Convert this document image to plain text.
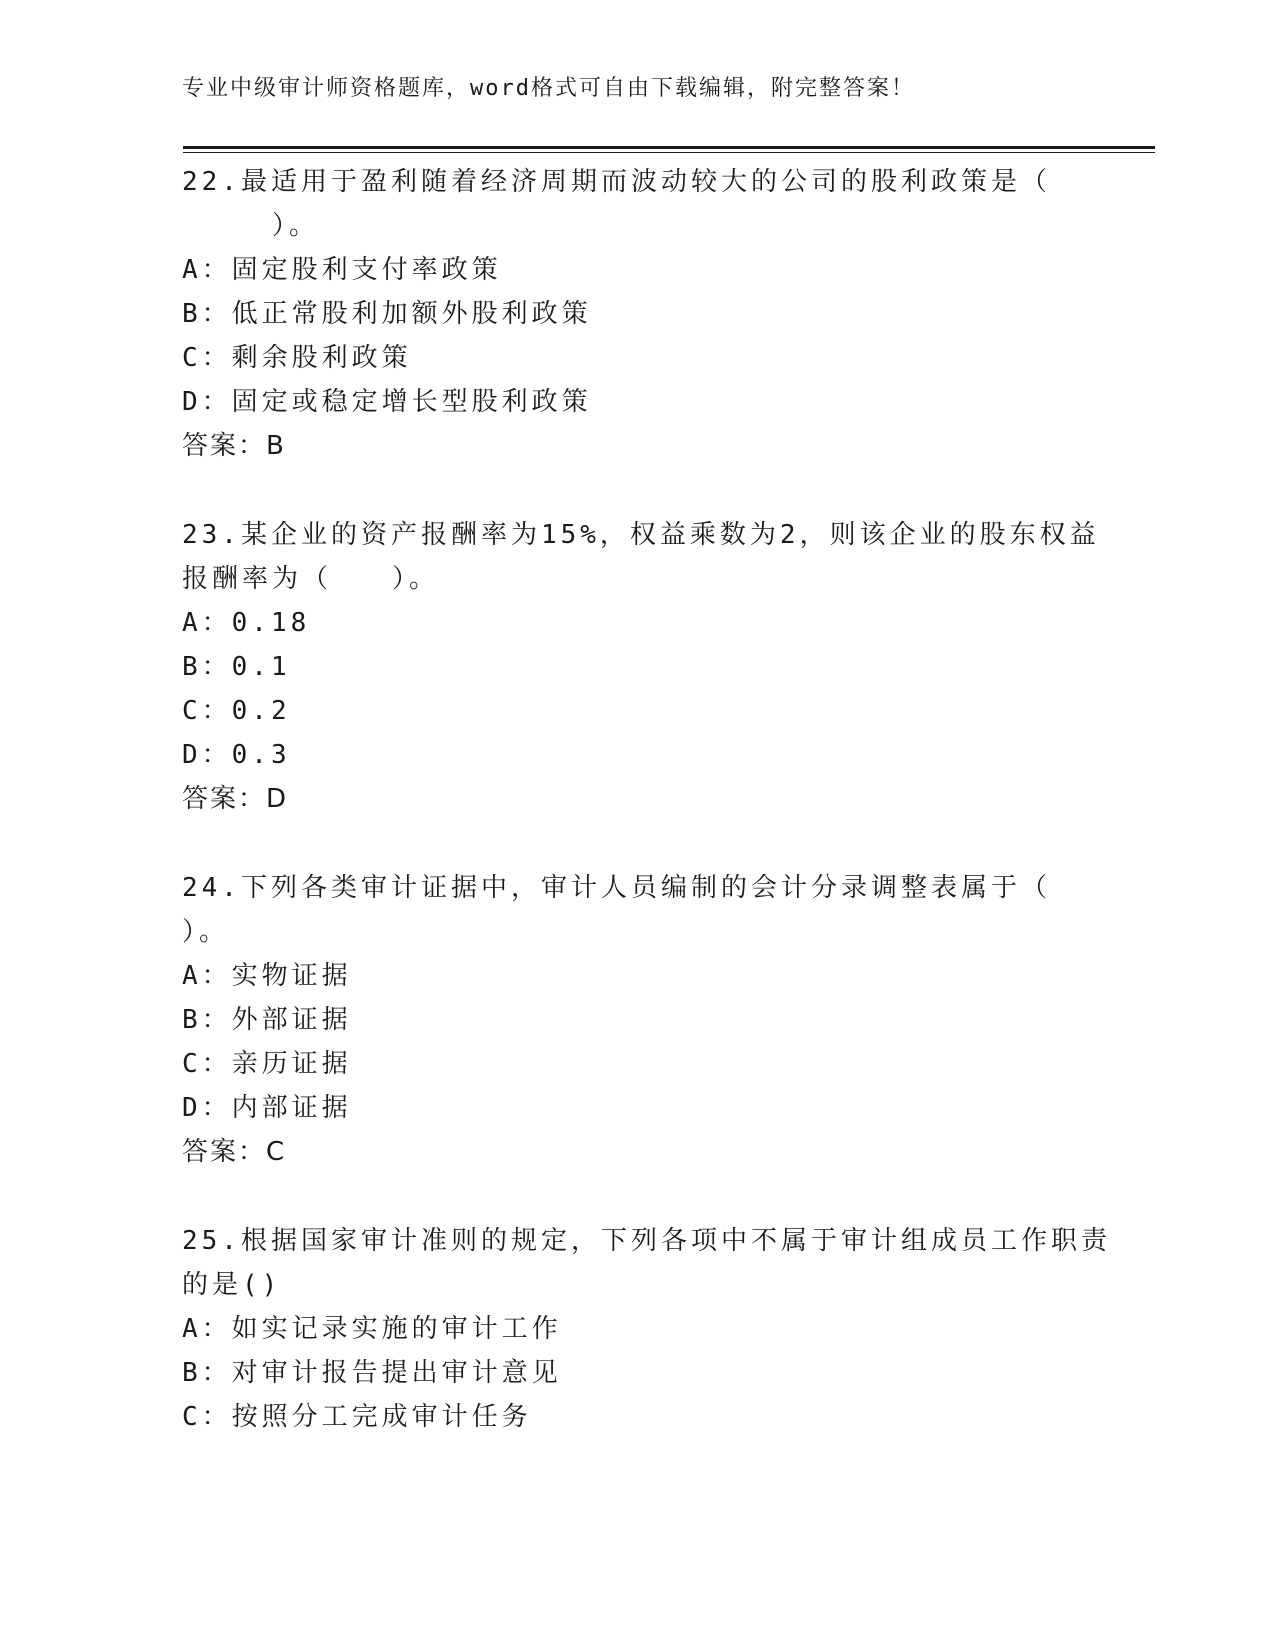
专业中级审计师资格题库，word格式可自由下载编辑，附完整答案！
22.最适用于盈利随着经济周期而波动较大的公司的股利政策是（
　　　）。
A：固定股利支付率政策
B：低正常股利加额外股利政策
C：剩余股利政策
D：固定或稳定增长型股利政策
答案：B
23.某企业的资产报酬率为15%，权益乘数为2，则该企业的股东权益
报酬率为（　　）。
A：0.18
B：0.1
C：0.2
D：0.3
答案：D
24.下列各类审计证据中，审计人员编制的会计分录调整表属于（
）。
A：实物证据
B：外部证据
C：亲历证据
D：内部证据
答案：C
25.根据国家审计准则的规定，下列各项中不属于审计组成员工作职责
的是()
A：如实记录实施的审计工作
B：对审计报告提出审计意见
C：按照分工完成审计任务
